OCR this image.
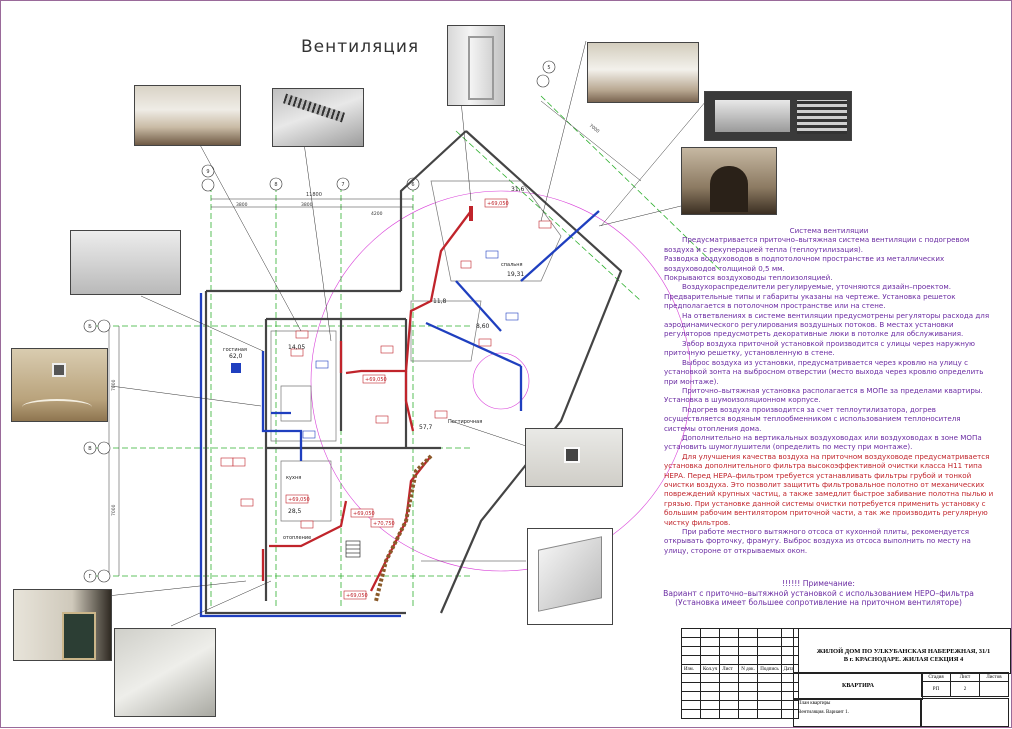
Вентиляция
11800
3800	3800
4200
7000
7000
7000
9
8	7	6
5
Б
В
Г
+69,050
+69,050
+69,050
+69,050
+69,050
+70,750
62,0
14,05
19,31
11,8
8,60
57,7
28,5
31,6
гостиная
спальня
кухня
отопление
Постирочная

Система вентиляции

Предусматривается приточно–вытяжная система вентиляции с подогревом воздуха и с рекуперацией тепла (теплоутилизация).

Разводка воздуховодов в подпотолочном пространстве из металлических воздуховодов толщиной 0,5 мм.

Покрываются воздуховоды теплоизоляцией.

Воздухораспределители регулируемые, уточняются дизайн–проектом. Предварительные типы и габариты указаны на чертеже. Установка решеток предполагается в потолочном пространстве или на стене.

На ответвлениях в системе вентиляции предусмотрены регуляторы расхода для аэродинамического регулирования воздушных потоков. В местах установки регуляторов предусмотреть декоративные люки в потолке для обслуживания.

Забор воздуха приточной установкой производится с улицы через наружную приточную решетку, установленную в стене.

Выброс воздуха из установки, предусматривается через кровлю на улицу с установкой зонта на выбросном отверстии (место выхода через кровлю определить при монтаже).

Приточно–вытяжная установка располагается в МОПе за пределами квартиры. Установка в шумоизоляционном корпусе.

Подогрев воздуха производится за счет теплоутилизатора, догрев осуществляется водяным теплообменником с использованием теплоносителя системы отопления дома.

Дополнительно на вертикальных воздуховодах или воздуховодах в зоне МОПа установить шумоглушители (определить по месту при монтаже).

Для улучшения качества воздуха на приточном воздуховоде предусматривается установка дополнительного фильтра высокоэффективной очистки класса Н11 типа НЕРА. Перед НЕРА–фильтром требуется устанавливать фильтры грубой и тонкой очистки воздуха. Это позволит защитить фильтровальное полотно от механических повреждений крупных частиц, а также замедлит быстрое забивание полотна пылью и грязью. При установке данной системы очистки потребуется применить установку с большим рабочим вентилятором приточной части, а так же производить регулярную чистку фильтров.

При работе местного вытяжного отсоса от кухонной плиты, рекомендуется открывать форточку, фрамугу. Выброс воздуха из отсоса выполнить по месту на улицу, стороне от открываемых окон.

!!!!!! Примечание:
Вариант с приточно–вытяжной установкой с использованием НЕРО–фильтра (Установка имеет большее сопротивление на приточном вентиляторе)

Изм.	Кол.уч	Лист	N док.	Подпись	Дата

ЖИЛОЙ ДОМ ПО УЛ.КУБАНСКАЯ НАБЕРЕЖНАЯ, 31/1
В г. КРАСНОДАРЕ. ЖИЛАЯ СЕКЦИЯ 4
КВАРТИРА
Стадия	Лист	Листов
РП	2	
План квартиры
Вентиляция. Вариант 1.
